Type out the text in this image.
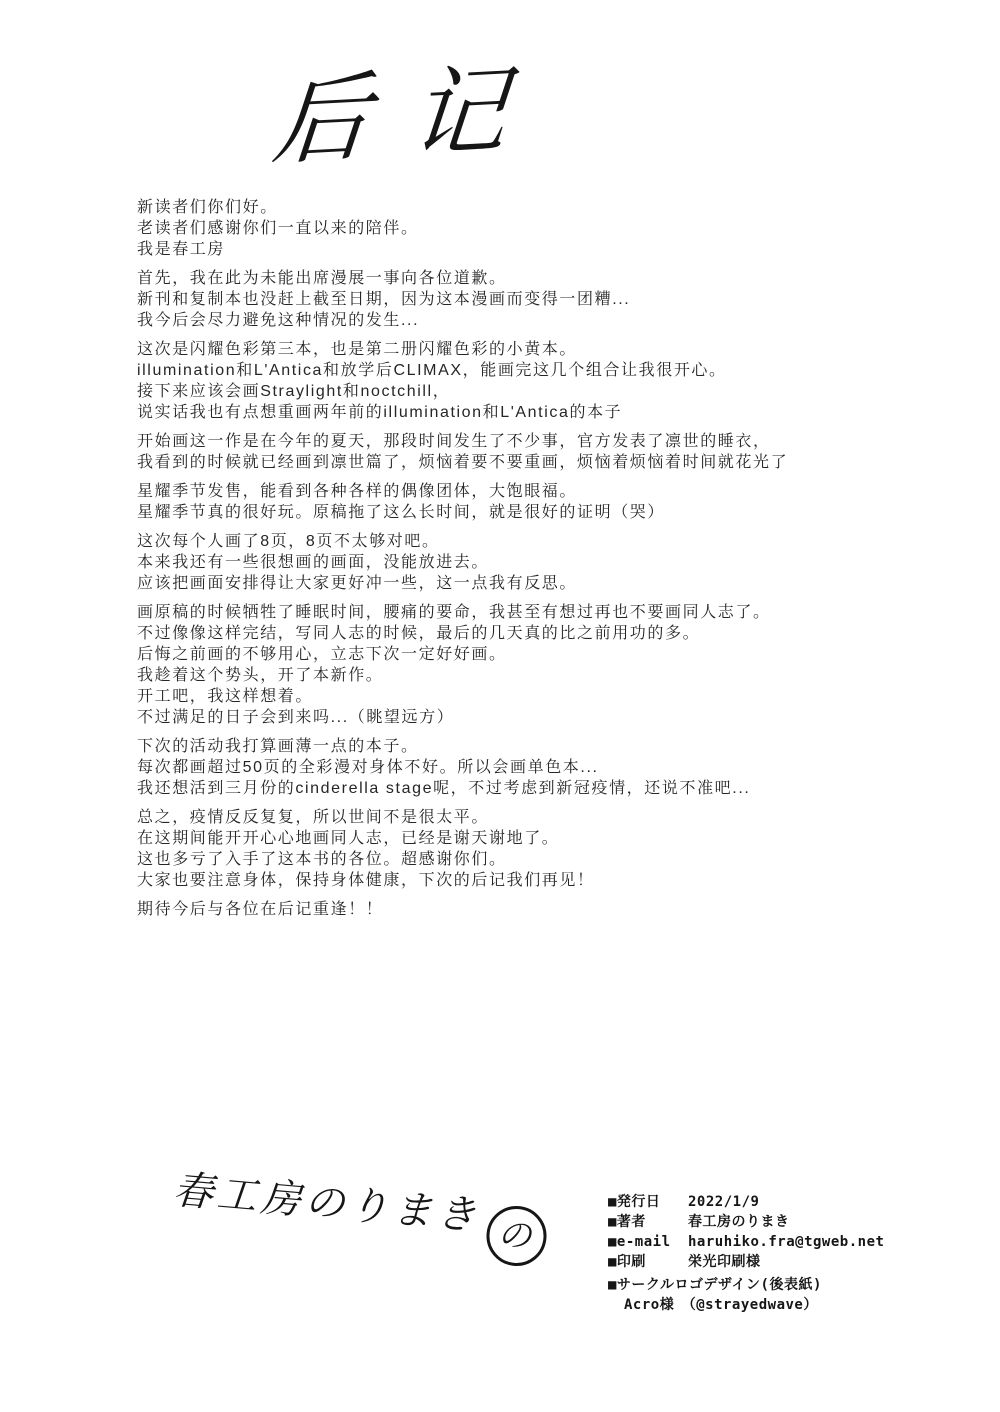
后记

新读者们你们好。
老读者们感谢你们一直以来的陪伴。
我是春工房

首先，我在此为未能出席漫展一事向各位道歉。
新刊和复制本也没赶上截至日期，因为这本漫画而变得一团糟...
我今后会尽力避免这种情况的发生...

这次是闪耀色彩第三本，也是第二册闪耀色彩的小黄本。
illumination和L'Antica和放学后CLIMAX，能画完这几个组合让我很开心。
接下来应该会画Straylight和noctchill，
说实话我也有点想重画两年前的illumination和L'Antica的本子

开始画这一作是在今年的夏天，那段时间发生了不少事，官方发表了凛世的睡衣，
我看到的时候就已经画到凛世篇了，烦恼着要不要重画，烦恼着烦恼着时间就花光了

星耀季节发售，能看到各种各样的偶像团体，大饱眼福。
星耀季节真的很好玩。原稿拖了这么长时间，就是很好的证明（哭）

这次每个人画了8页，8页不太够对吧。
本来我还有一些很想画的画面，没能放进去。
应该把画面安排得让大家更好冲一些，这一点我有反思。

画原稿的时候牺牲了睡眠时间，腰痛的要命，我甚至有想过再也不要画同人志了。
不过像像这样完结，写同人志的时候，最后的几天真的比之前用功的多。
后悔之前画的不够用心，立志下次一定好好画。
我趁着这个势头，开了本新作。
开工吧，我这样想着。
不过满足的日子会到来吗...（眺望远方）

下次的活动我打算画薄一点的本子。
每次都画超过50页的全彩漫对身体不好。所以会画单色本...
我还想活到三月份的cinderella stage呢，不过考虑到新冠疫情，还说不准吧...

总之，疫情反反复复，所以世间不是很太平。
在这期间能开开心心地画同人志，已经是谢天谢地了。
这也多亏了入手了这本书的各位。超感谢你们。
大家也要注意身体，保持身体健康，下次的后记我们再见！

期待今后与各位在后记重逢！！

春工房のりまき の
■発行日	2022/1/9
■著者	春工房のりまき
■e-mail	haruhiko.fra@tgweb.net
■印刷	栄光印刷様
■サークルロゴデザイン(後表紙)
Acro様　（@strayedwave）
